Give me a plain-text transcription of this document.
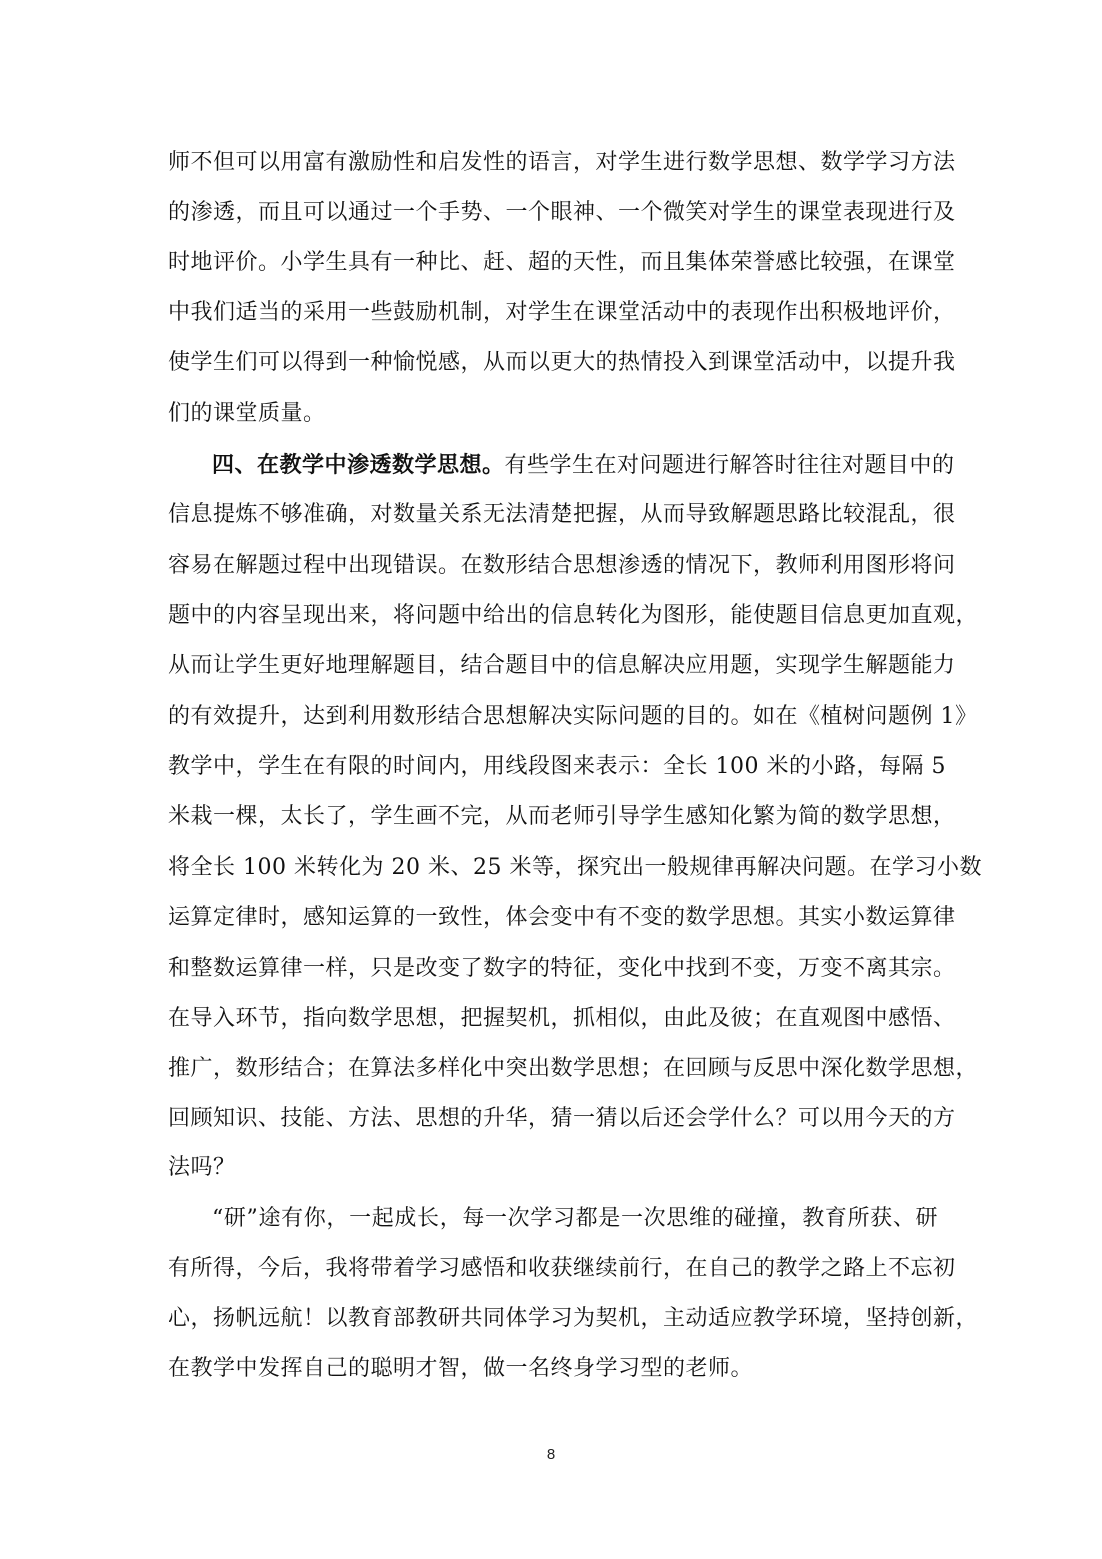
师不但可以用富有激励性和启发性的语言，对学生进行数学思想、数学学习方法
的渗透，而且可以通过一个手势、一个眼神、一个微笑对学生的课堂表现进行及
时地评价。小学生具有一种比、赶、超的天性，而且集体荣誉感比较强，在课堂
中我们适当的采用一些鼓励机制，对学生在课堂活动中的表现作出积极地评价，
使学生们可以得到一种愉悦感，从而以更大的热情投入到课堂活动中，以提升我
们的课堂质量。
四、在教学中渗透数学思想。有些学生在对问题进行解答时往往对题目中的
信息提炼不够准确，对数量关系无法清楚把握，从而导致解题思路比较混乱，很
容易在解题过程中出现错误。在数形结合思想渗透的情况下，教师利用图形将问
题中的内容呈现出来，将问题中给出的信息转化为图形，能使题目信息更加直观，
从而让学生更好地理解题目，结合题目中的信息解决应用题，实现学生解题能力
的有效提升，达到利用数形结合思想解决实际问题的目的。如在《植树问题例 1》
教学中，学生在有限的时间内，用线段图来表示：全长 100 米的小路，每隔 5
米栽一棵，太长了，学生画不完，从而老师引导学生感知化繁为简的数学思想，
将全长 100 米转化为 20 米、25 米等，探究出一般规律再解决问题。在学习小数
运算定律时，感知运算的一致性，体会变中有不变的数学思想。其实小数运算律
和整数运算律一样，只是改变了数字的特征，变化中找到不变，万变不离其宗。
在导入环节，指向数学思想，把握契机，抓相似，由此及彼；在直观图中感悟、
推广，数形结合；在算法多样化中突出数学思想；在回顾与反思中深化数学思想，
回顾知识、技能、方法、思想的升华，猜一猜以后还会学什么？可以用今天的方
法吗？
“研”途有你，一起成长，每一次学习都是一次思维的碰撞，教育所获、研
有所得，今后，我将带着学习感悟和收获继续前行，在自己的教学之路上不忘初
心，扬帆远航！以教育部教研共同体学习为契机，主动适应教学环境，坚持创新，
在教学中发挥自己的聪明才智，做一名终身学习型的老师。
8
